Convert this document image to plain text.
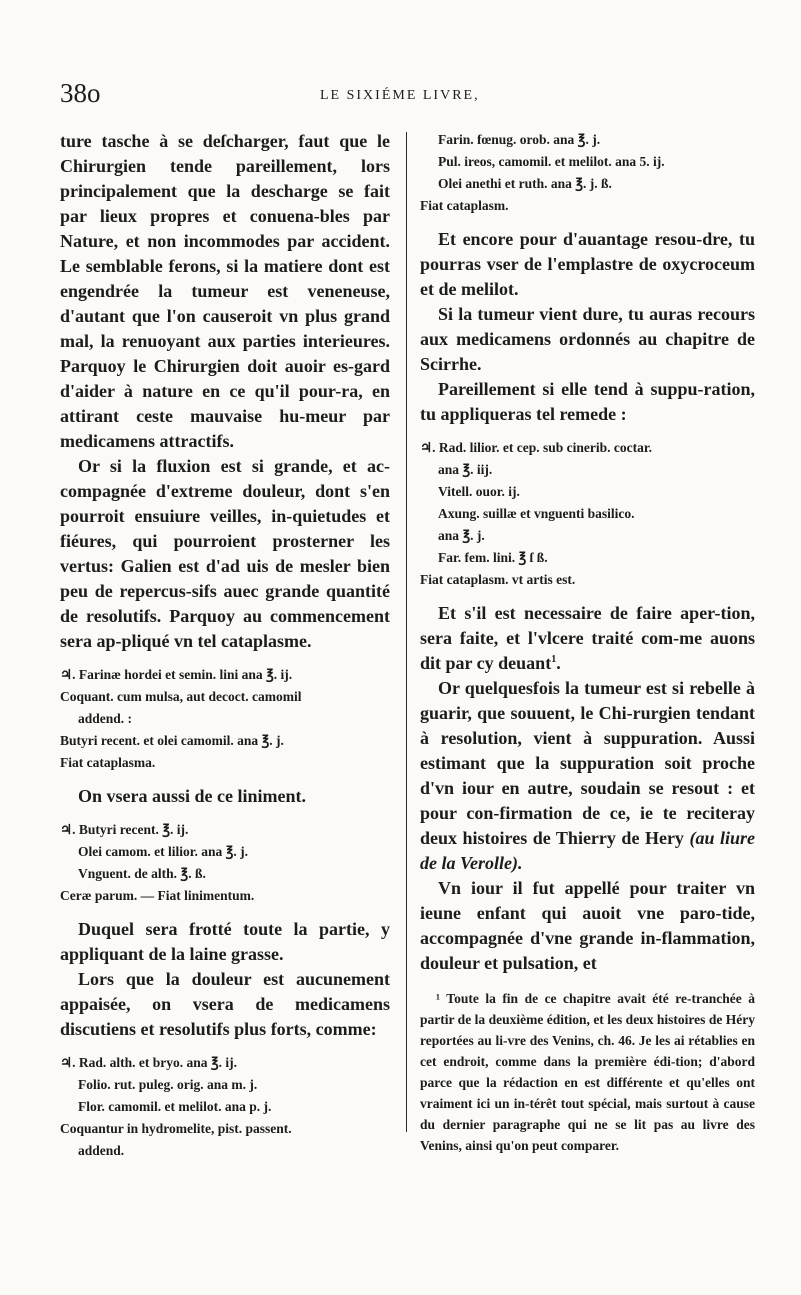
38o	LE SIXIÉME LIVRE,

ture tasche à se deſcharger, faut que le Chirurgien tende pareillement, lors principalement que la descharge se fait par lieux propres et conuena-bles par Nature, et non incommodes par accident. Le semblable ferons, si la matiere dont est engendrée la tumeur est veneneuse, d'autant que l'on causeroit vn plus grand mal, la renuoyant aux parties interieures. Parquoy le Chirurgien doit auoir es-gard d'aider à nature en ce qu'il pour-ra, en attirant ceste mauvaise hu-meur par medicamens attractifs.

Or si la fluxion est si grande, et ac-compagnée d'extreme douleur, dont s'en pourroit ensuiure veilles, in-quietudes et fiéures, qui pourroient prosterner les vertus: Galien est d'ad uis de mesler bien peu de repercus-sifs auec grande quantité de resolutifs. Parquoy au commencement sera ap-pliqué vn tel cataplasme.

♃. Farinæ hordei et semin. lini ana ℥. ij.

Coquant. cum mulsa, aut decoct. camomil

addend. :

Butyri recent. et olei camomil. ana ℥. j.

Fiat cataplasma.

On vsera aussi de ce liniment.

♃. Butyri recent. ℥. ij.

Olei camom. et lilior. ana ℥. j.

Vnguent. de alth. ℥. ß.

Ceræ parum. — Fiat linimentum.

Duquel sera frotté toute la partie, y appliquant de la laine grasse.

Lors que la douleur est aucunement appaisée, on vsera de medicamens discutiens et resolutifs plus forts, comme:

♃. Rad. alth. et bryo. ana ℥. ij.

Folio. rut. puleg. orig. ana m. j.

Flor. camomil. et melilot. ana p. j.

Coquantur in hydromelite, pist. passent.

addend.

Farin. fœnug. orob. ana ℥. j.

Pul. ireos, camomil. et melilot. ana 5. ij.

Olei anethi et ruth. ana ℥. j. ß.

Fiat cataplasm.

Et encore pour d'auantage resou-dre, tu pourras vser de l'emplastre de oxycroceum et de melilot.

Si la tumeur vient dure, tu auras recours aux medicamens ordonnés au chapitre de Scirrhe.

Pareillement si elle tend à suppu-ration, tu appliqueras tel remede :

♃. Rad. lilior. et cep. sub cinerib. coctar.

ana ℥. iij.

Vitell. ouor. ij.

Axung. suillæ et vnguenti basilico.

ana ℥. j.

Far. fem. lini. ℥ ſ ß.

Fiat cataplasm. vt artis est.

Et s'il est necessaire de faire aper-tion, sera faite, et l'vlcere traité com-me auons dit par cy deuant$^1$.

Or quelquesfois la tumeur est si rebelle à guarir, que souuent, le Chi-rurgien tendant à resolution, vient à suppuration. Aussi estimant que la suppuration soit proche d'vn iour en autre, soudain se resout : et pour con-firmation de ce, ie te reciteray deux histoires de Thierry de Hery (au liure de la Verolle).

Vn iour il fut appellé pour traiter vn ieune enfant qui auoit vne paro-tide, accompagnée d'vne grande in-flammation, douleur et pulsation, et

¹ Toute la fin de ce chapitre avait été re-tranchée à partir de la deuxième édition, et les deux histoires de Héry reportées au li-vre des Venins, ch. 46. Je les ai rétablies en cet endroit, comme dans la première édi-tion; d'abord parce que la rédaction en est différente et qu'elles ont vraiment ici un in-térêt tout spécial, mais surtout à cause du dernier paragraphe qui ne se lit pas au livre des Venins, ainsi qu'on peut comparer.
